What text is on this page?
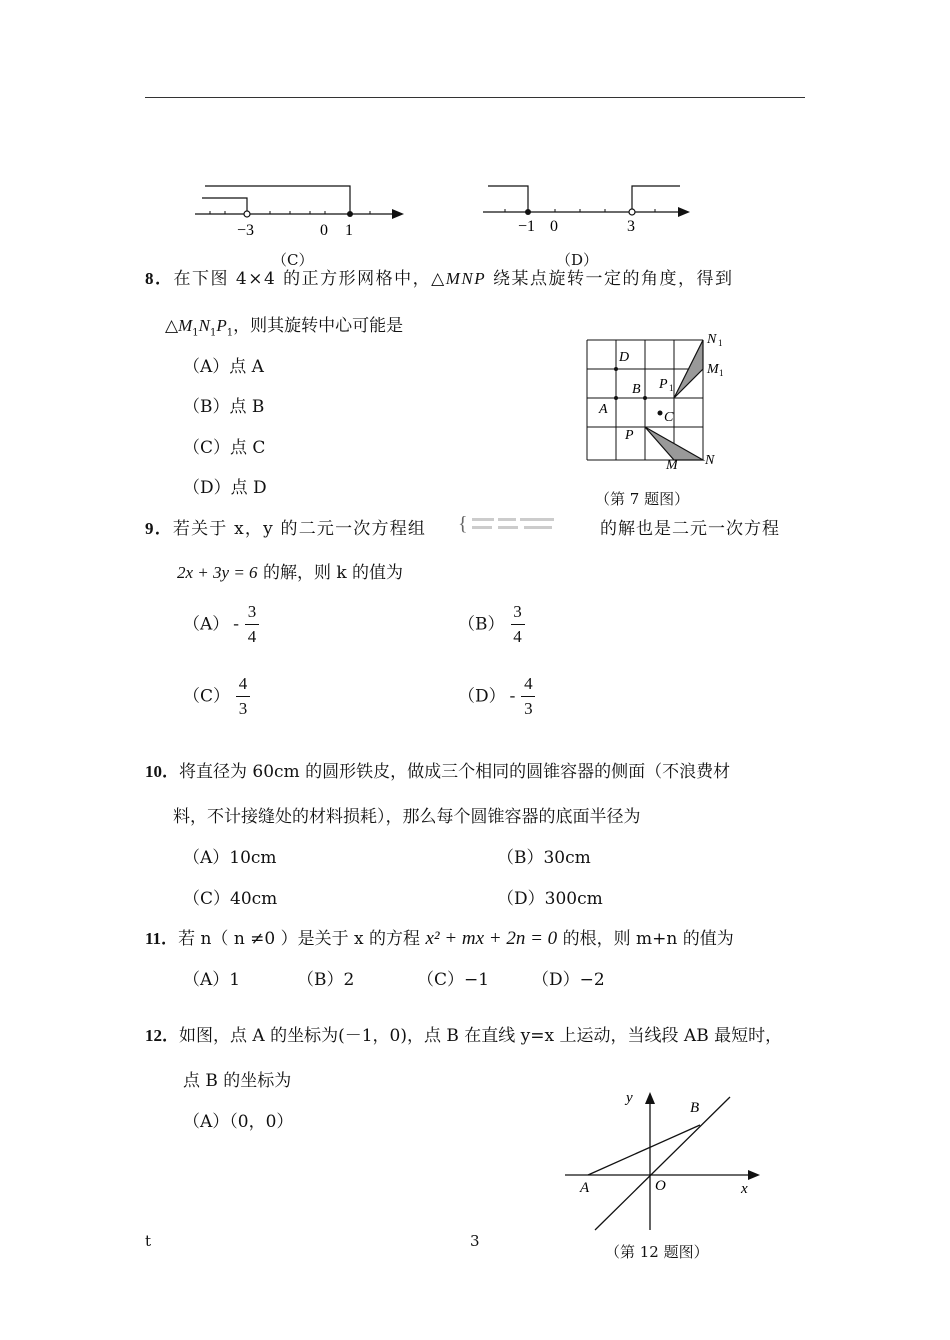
−3	0 1
（C）
−1 0	3
（D）
8．在下图 4×4 的正方形网格中，△MNP 绕某点旋转一定的角度，得到
$\triangle M_1N_1P_1$，则其旋转中心可能是
（A）点 A
（B）点 B
（C）点 C
（D）点 D
D
B
A
C
P
P 1
M N
N 1
M 1
（第 7 题图）
9．若关于 x，y 的二元一次方程组 {	的解也是二元一次方程
2x + 3y = 6 的解，则 k 的值为
$(A) - \frac{3}{4}$	$(B) \frac{3}{4}$
$(C) \frac{4}{3}$	$(D) - \frac{4}{3}$
10．将直径为 60cm 的圆形铁皮，做成三个相同的圆锥容器的侧面（不浪费材
料，不计接缝处的材料损耗），那么每个圆锥容器的底面半径为
（A）10cm	（B）30cm
（C）40cm	（D）300cm
11．若 n（ n ≠0 ）是关于 x 的方程 x² + mx + 2n = 0 的根，则 m+n 的值为
（A）1	（B）2	（C）−1	（D）−2
12．如图，点 A 的坐标为(－1，0)，点 B 在直线 y=x 上运动，当线段 AB 最短时，
点 B 的坐标为
（A）（0，0）
y
B
A	O	x
（第 12 题图）
t	3
